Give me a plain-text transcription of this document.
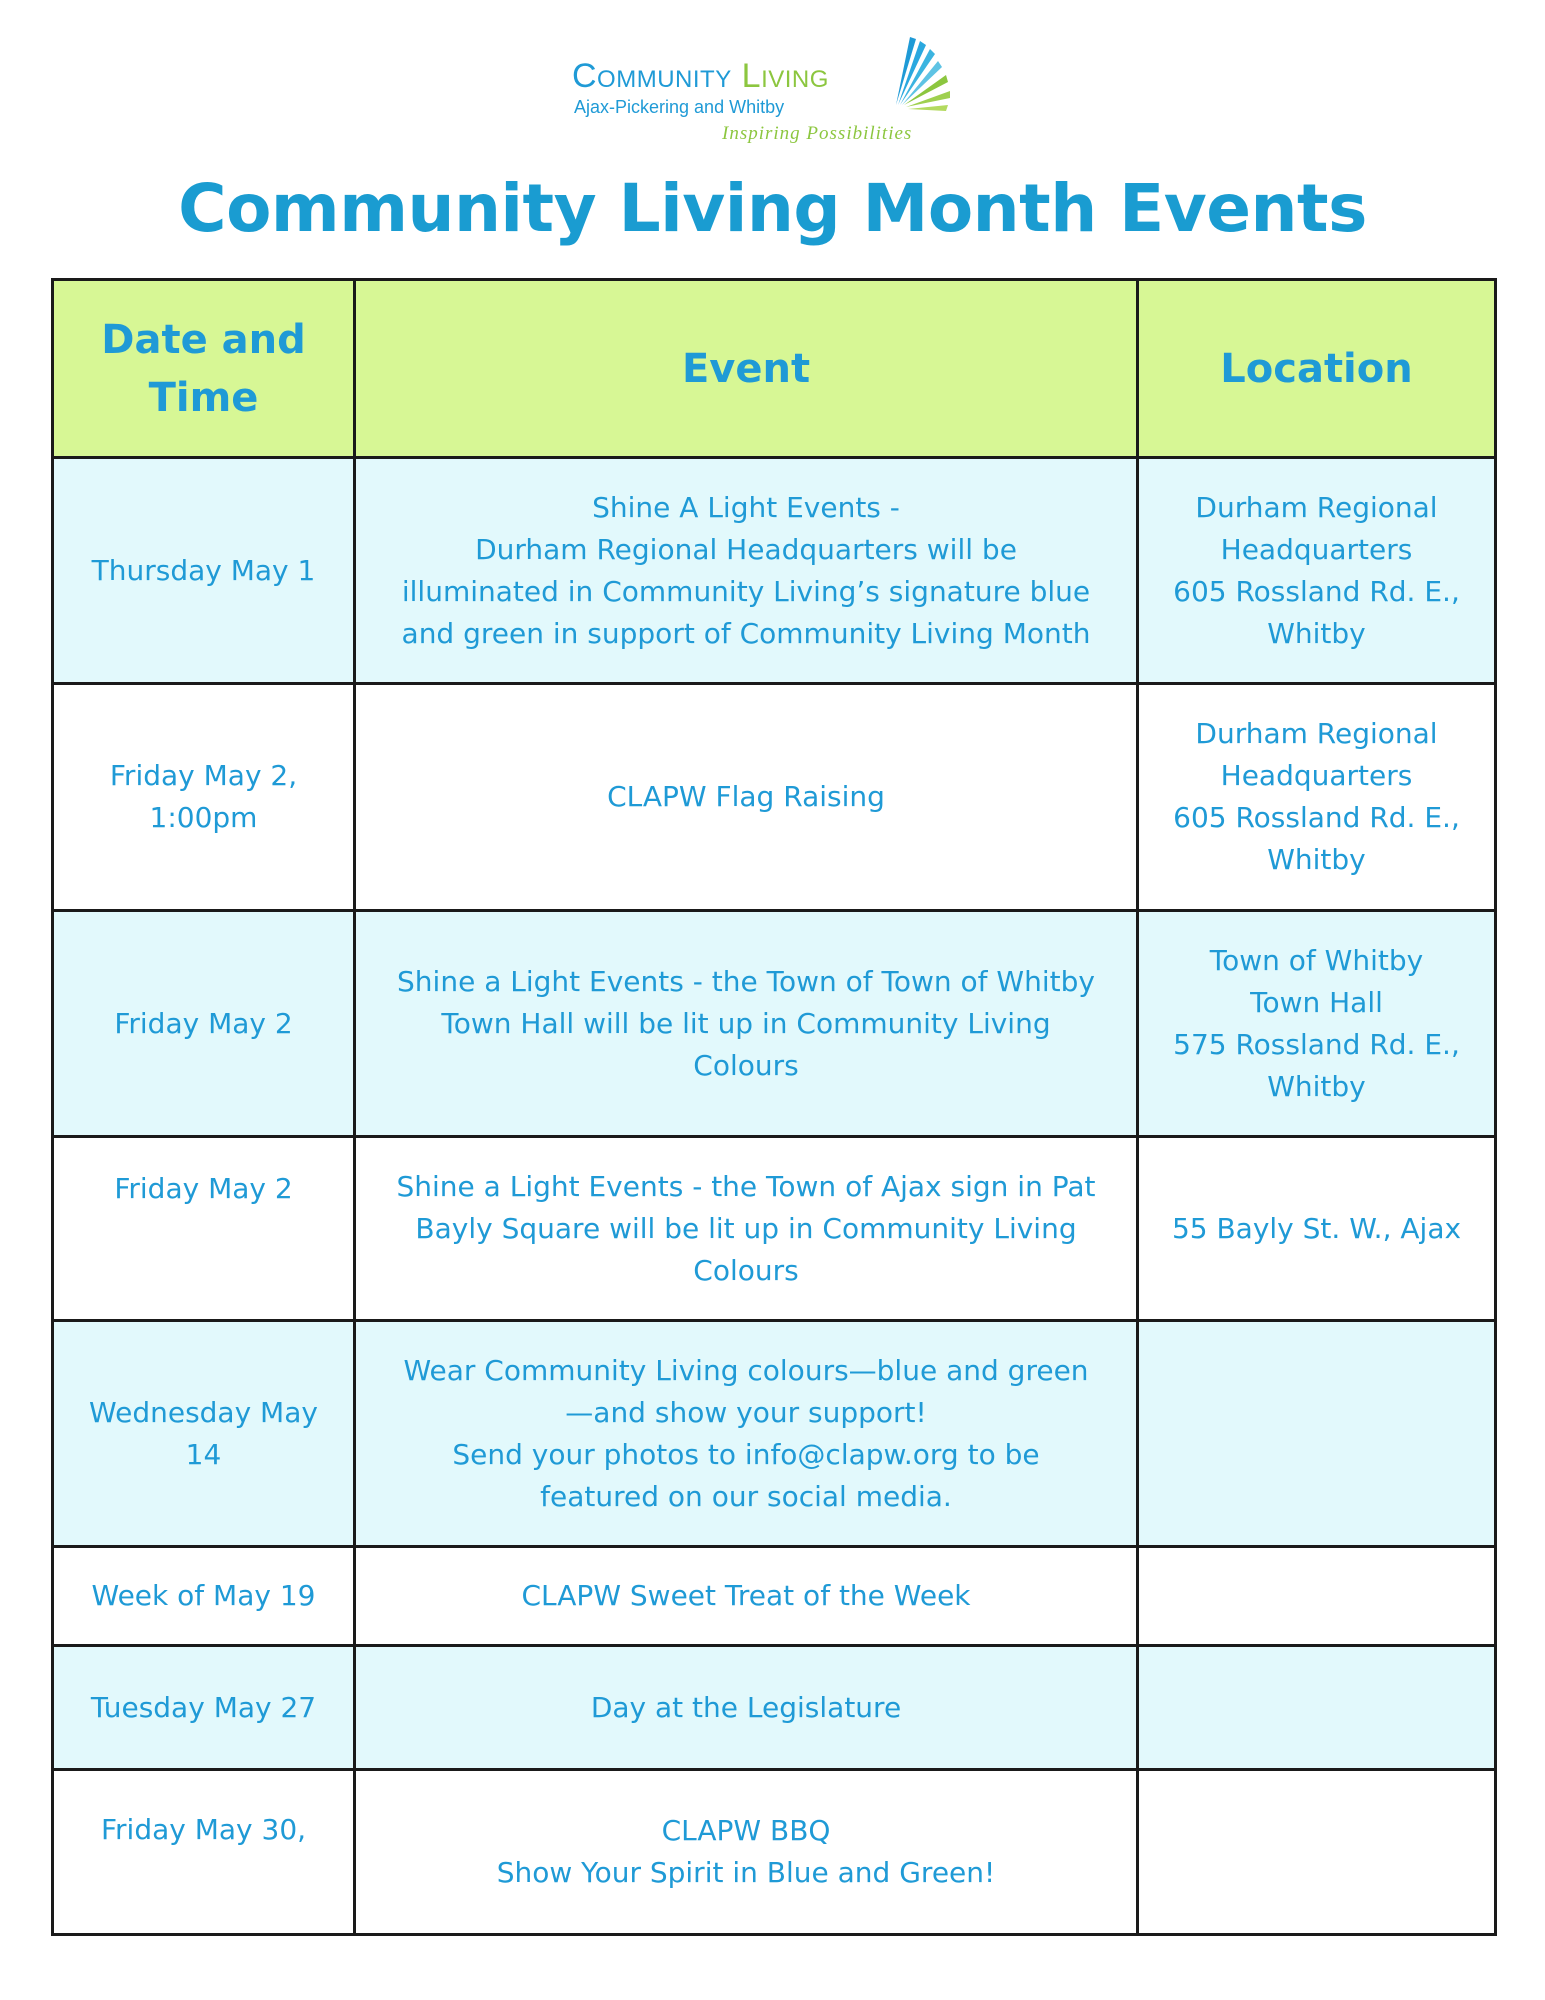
Community Living
Ajax-Pickering and Whitby
Inspiring Possibilities
Community Living Month Events
Date and Time	Event	Location

Thursday May 1	Shine A Light Events -
Durham Regional Headquarters will be
illuminated in Community Living’s signature blue
and green in support of Community Living Month	Durham Regional
Headquarters
605 Rossland Rd. E.,
Whitby

Friday May 2,
1:00pm	CLAPW Flag Raising	Durham Regional
Headquarters
605 Rossland Rd. E.,
Whitby

Friday May 2	Shine a Light Events - the Town of Town of Whitby
Town Hall will be lit up in Community Living
Colours	Town of Whitby
Town Hall
575 Rossland Rd. E.,
Whitby

Friday May 2	Shine a Light Events - the Town of Ajax sign in Pat
Bayly Square will be lit up in Community Living
Colours	55 Bayly St. W., Ajax

Wednesday May
14	Wear Community Living colours—blue and green
—and show your support!
Send your photos to info@clapw.org to be
featured on our social media.	

Week of May 19	CLAPW Sweet Treat of the Week	

Tuesday May 27	Day at the Legislature	

Friday May 30,	CLAPW BBQ
Show Your Spirit in Blue and Green!	
